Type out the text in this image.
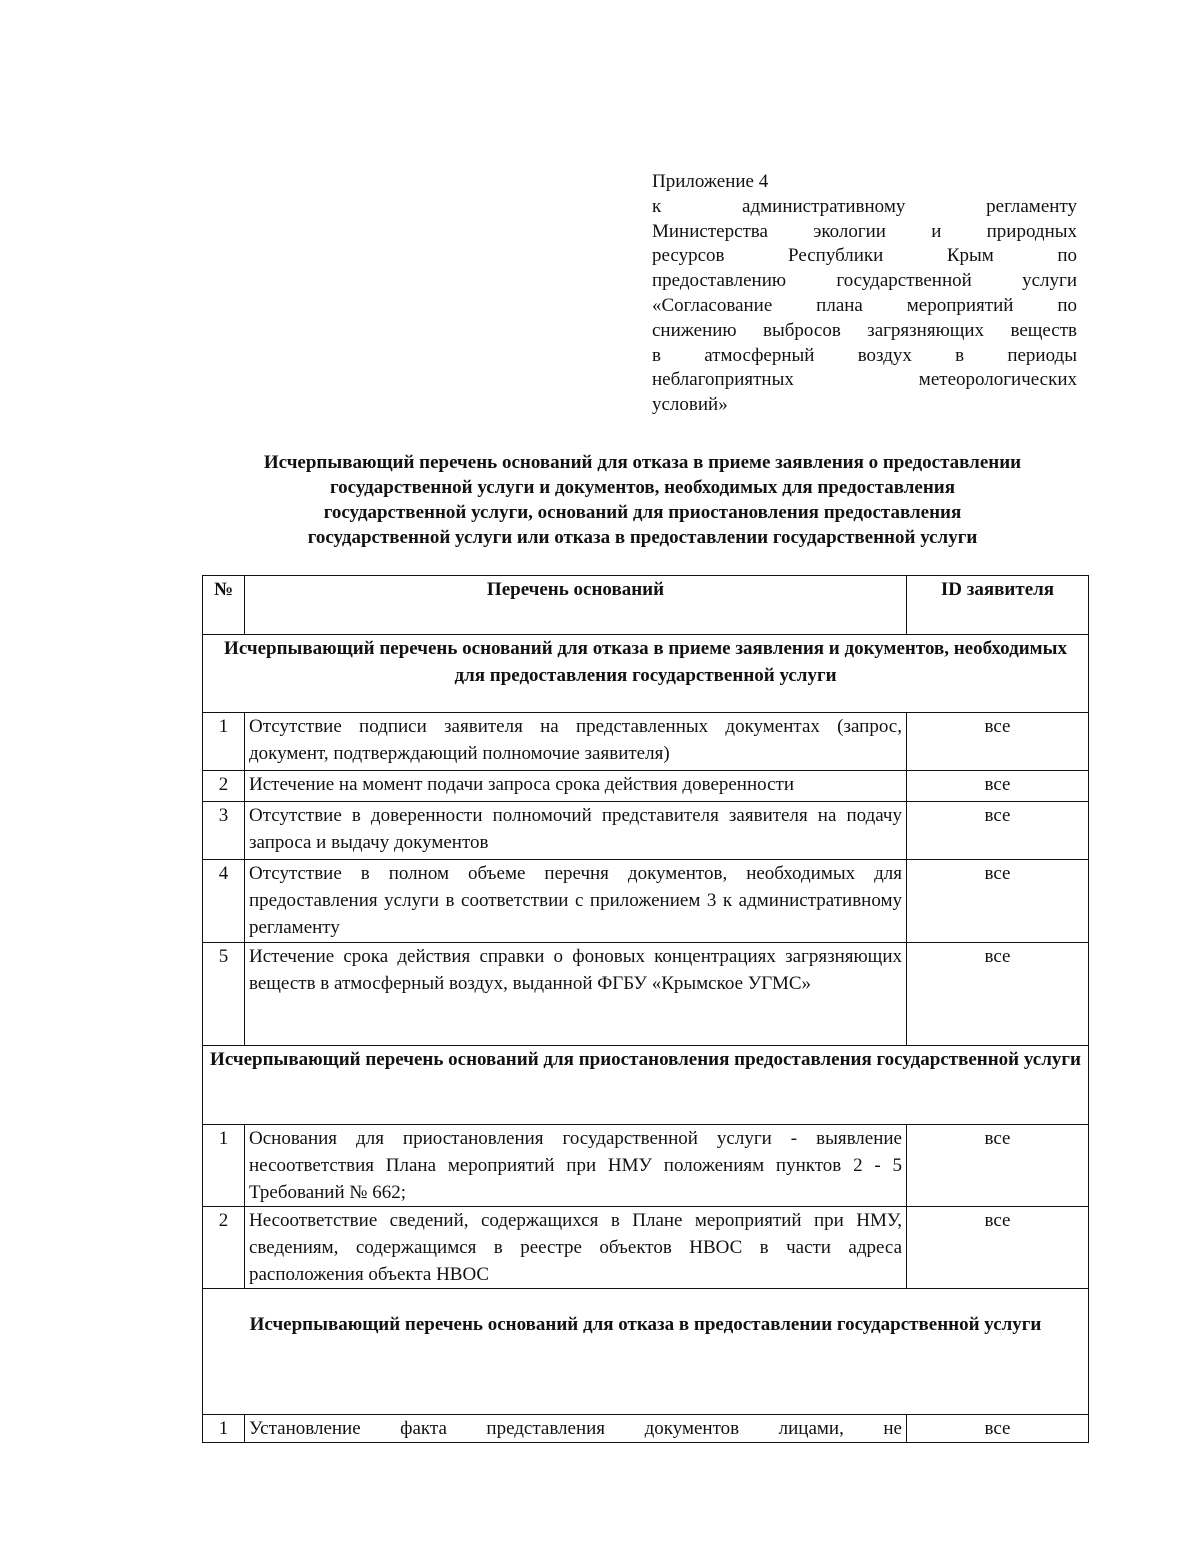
Приложение 4
к административному регламенту
Министерства экологии и природных
ресурсов Республики Крым по
предоставлению государственной услуги
«Согласование плана мероприятий по
снижению выбросов загрязняющих веществ
в атмосферный воздух в периоды
неблагоприятных метеорологических
условий»
Исчерпывающий перечень оснований для отказа в приеме заявления о предоставлении
государственной услуги и документов, необходимых для предоставления
государственной услуги, оснований для приостановления предоставления
государственной услуги или отказа в предоставлении государственной услуги
№	Перечень оснований	ID заявителя
Исчерпывающий перечень оснований для отказа в приеме заявления и документов, необходимых для предоставления государственной услуги		
1	Отсутствие подписи заявителя на представленных документах (запрос, документ, подтверждающий полномочие заявителя)	все
2	Истечение на момент подачи запроса срока действия доверенности	все
3	Отсутствие в доверенности полномочий представителя заявителя на подачу запроса и выдачу документов	все
4	Отсутствие в полном объеме перечня документов, необходимых для предоставления услуги в соответствии с приложением 3 к административному регламенту	все
5	Истечение срока действия справки о фоновых концентрациях загрязняющих веществ в атмосферный воздух, выданной ФГБУ «Крымское УГМС»	все
Исчерпывающий перечень оснований для приостановления предоставления государственной услуги		
1	Основания для приостановления государственной услуги - выявление несоответствия Плана мероприятий при НМУ положениям пунктов 2 - 5 Требований № 662;	все
2	Несоответствие сведений, содержащихся в Плане мероприятий при НМУ, сведениям, содержащимся в реестре объектов НВОС в части адреса расположения объекта НВОС	все
Исчерпывающий перечень оснований для отказа в предоставлении государственной услуги		
1	Установление факта представления документов лицами, не	все
